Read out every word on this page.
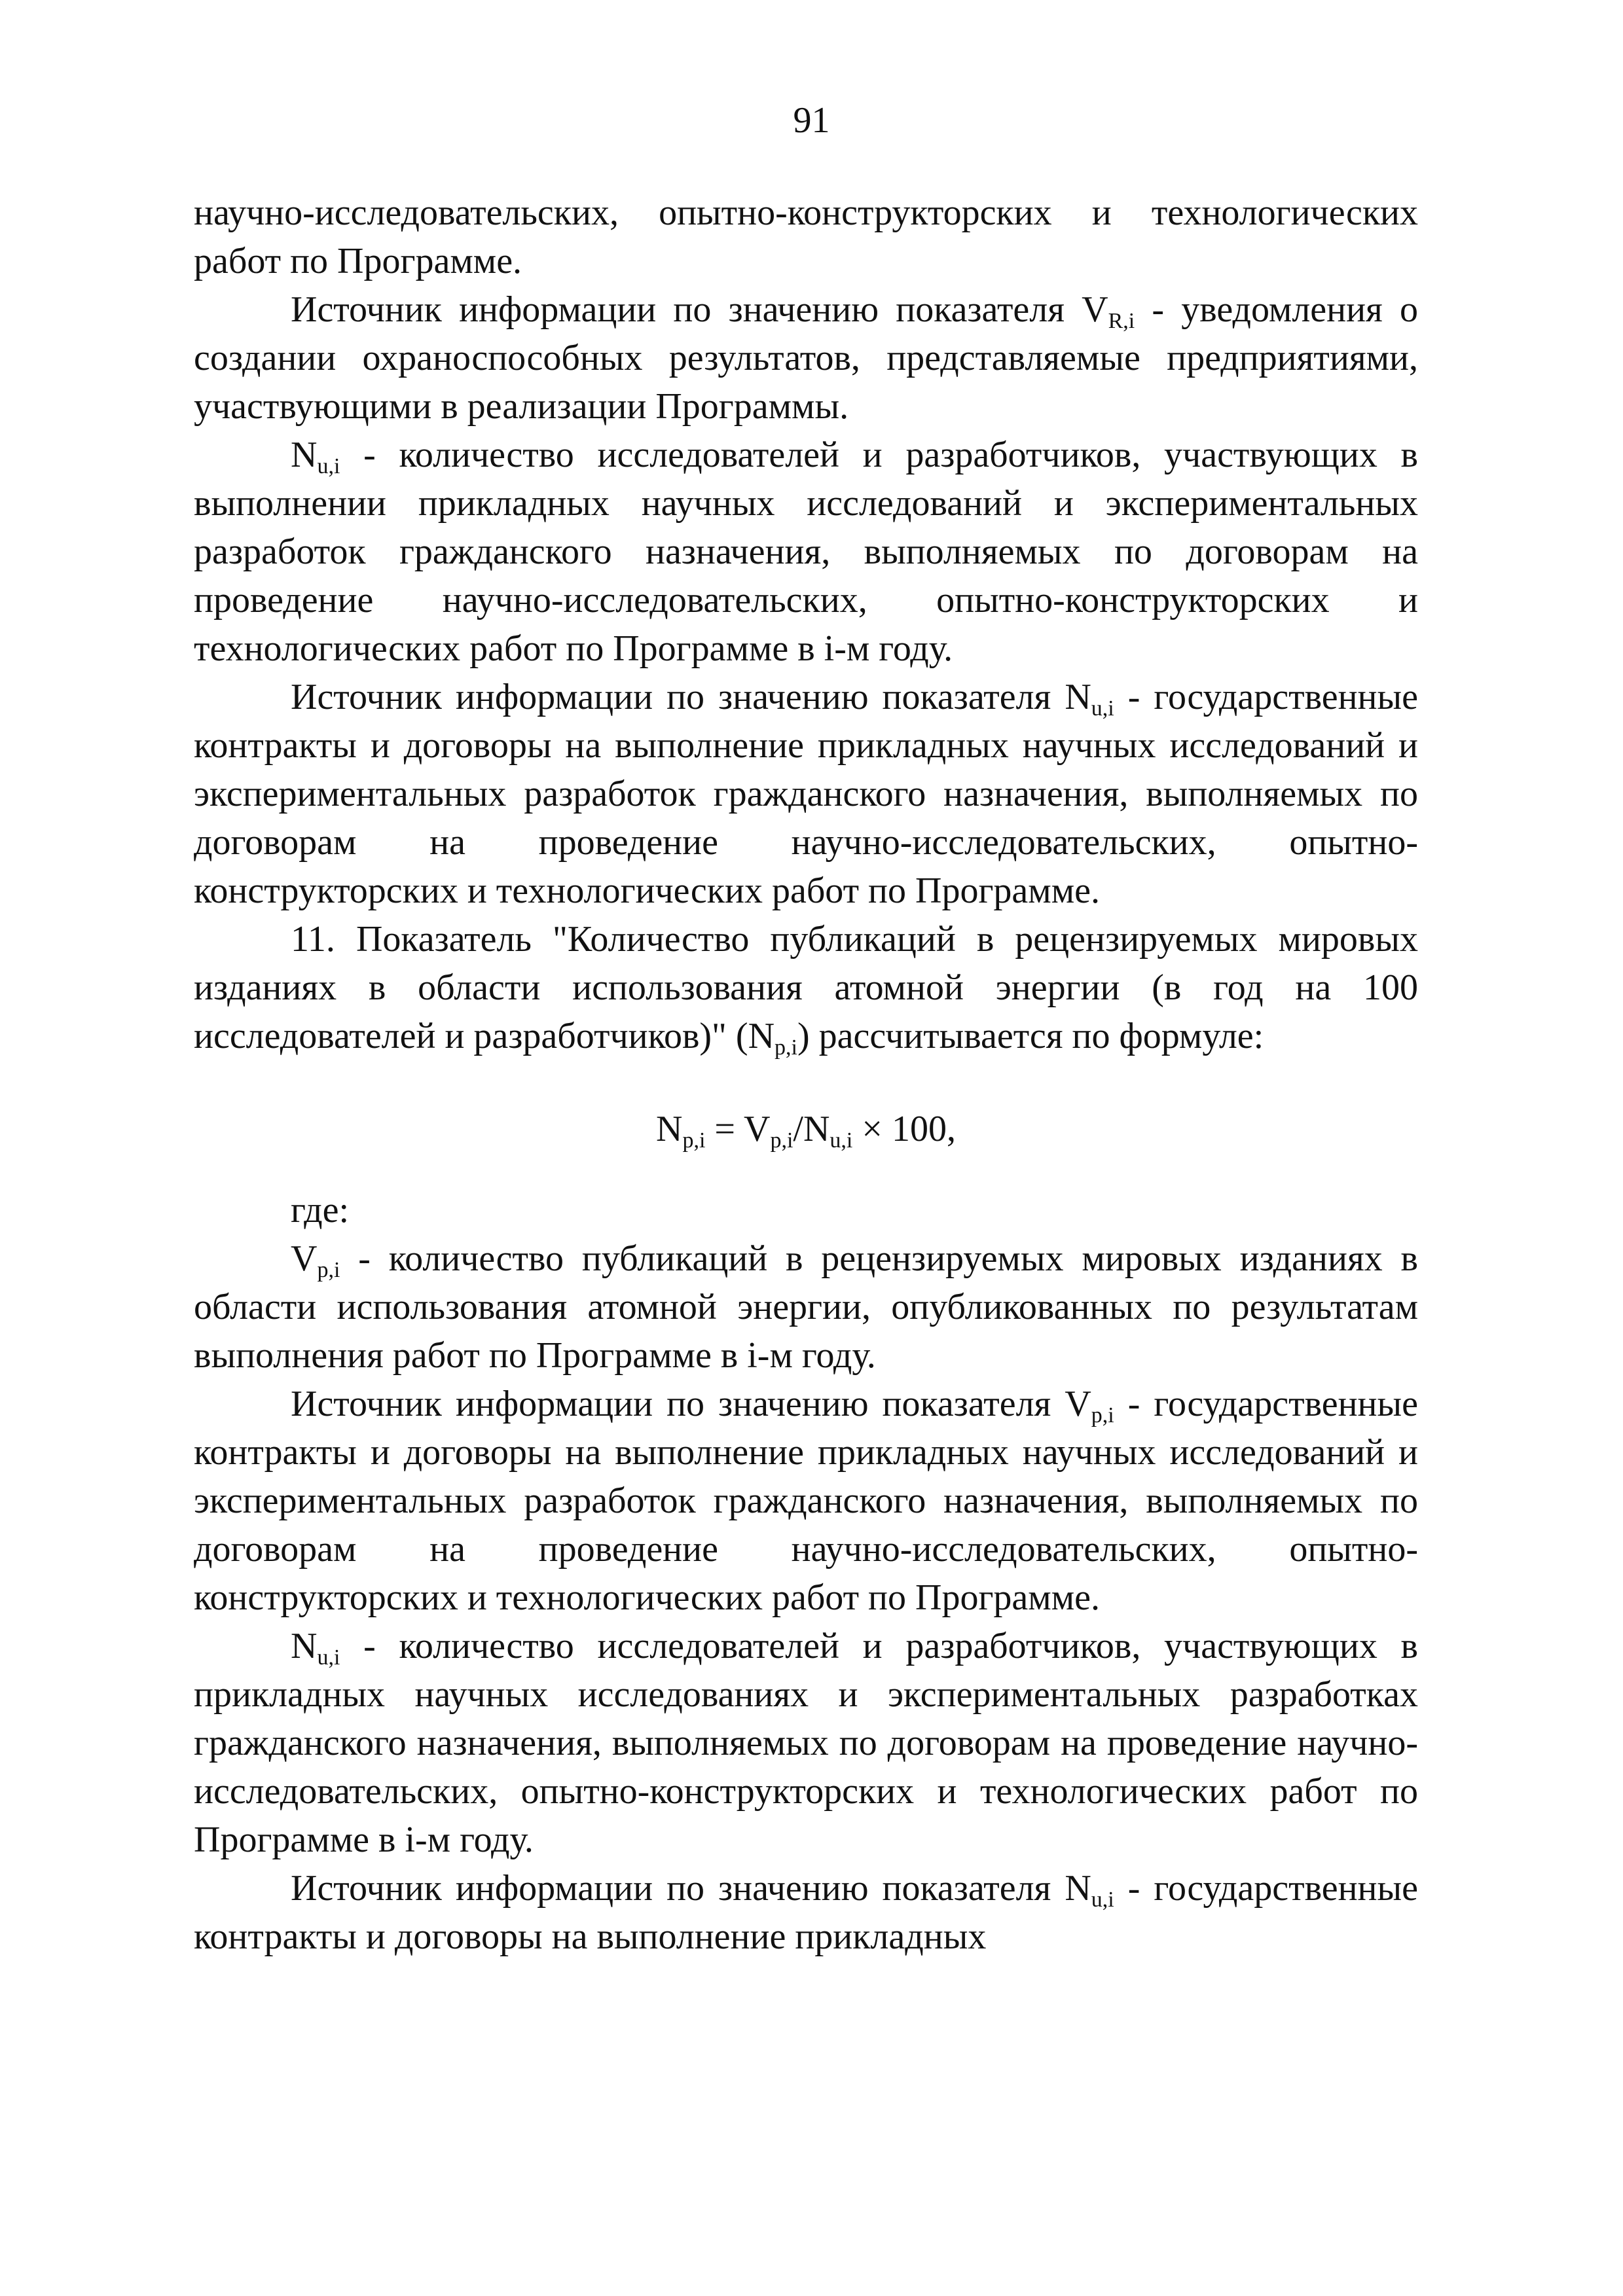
91

научно-исследовательских, опытно-конструкторских и технологических работ по Программе.

Источник информации по значению показателя $V_{R,i}$ - уведомления о создании охраноспособных результатов, представляемые предприятиями, участвующими в реализации Программы.

$N_{u,i}$ - количество исследователей и разработчиков, участвующих в выполнении прикладных научных исследований и экспериментальных разработок гражданского назначения, выполняемых по договорам на проведение научно-исследовательских, опытно-конструкторских и технологических работ по Программе в i-м году.

Источник информации по значению показателя $N_{u,i}$ - государственные контракты и договоры на выполнение прикладных научных исследований и экспериментальных разработок гражданского назначения, выполняемых по договорам на проведение научно-исследовательских, опытно-конструкторских и технологических работ по Программе.

11. Показатель "Количество публикаций в рецензируемых мировых изданиях в области использования атомной энергии (в год на 100 исследователей и разработчиков)" $(N_{p,i})$ рассчитывается по формуле:

$N_{p,i} = V_{p,i}/N_{u,i} \times 100$,

где:

$V_{p,i}$ - количество публикаций в рецензируемых мировых изданиях в области использования атомной энергии, опубликованных по результатам выполнения работ по Программе в i-м году.

Источник информации по значению показателя $V_{p,i}$ - государственные контракты и договоры на выполнение прикладных научных исследований и экспериментальных разработок гражданского назначения, выполняемых по договорам на проведение научно-исследовательских, опытно-конструкторских и технологических работ по Программе.

$N_{u,i}$ - количество исследователей и разработчиков, участвующих в прикладных научных исследованиях и экспериментальных разработках гражданского назначения, выполняемых по договорам на проведение научно-исследовательских, опытно-конструкторских и технологических работ по Программе в i-м году.

Источник информации по значению показателя $N_{u,i}$ - государственные контракты и договоры на выполнение прикладных
